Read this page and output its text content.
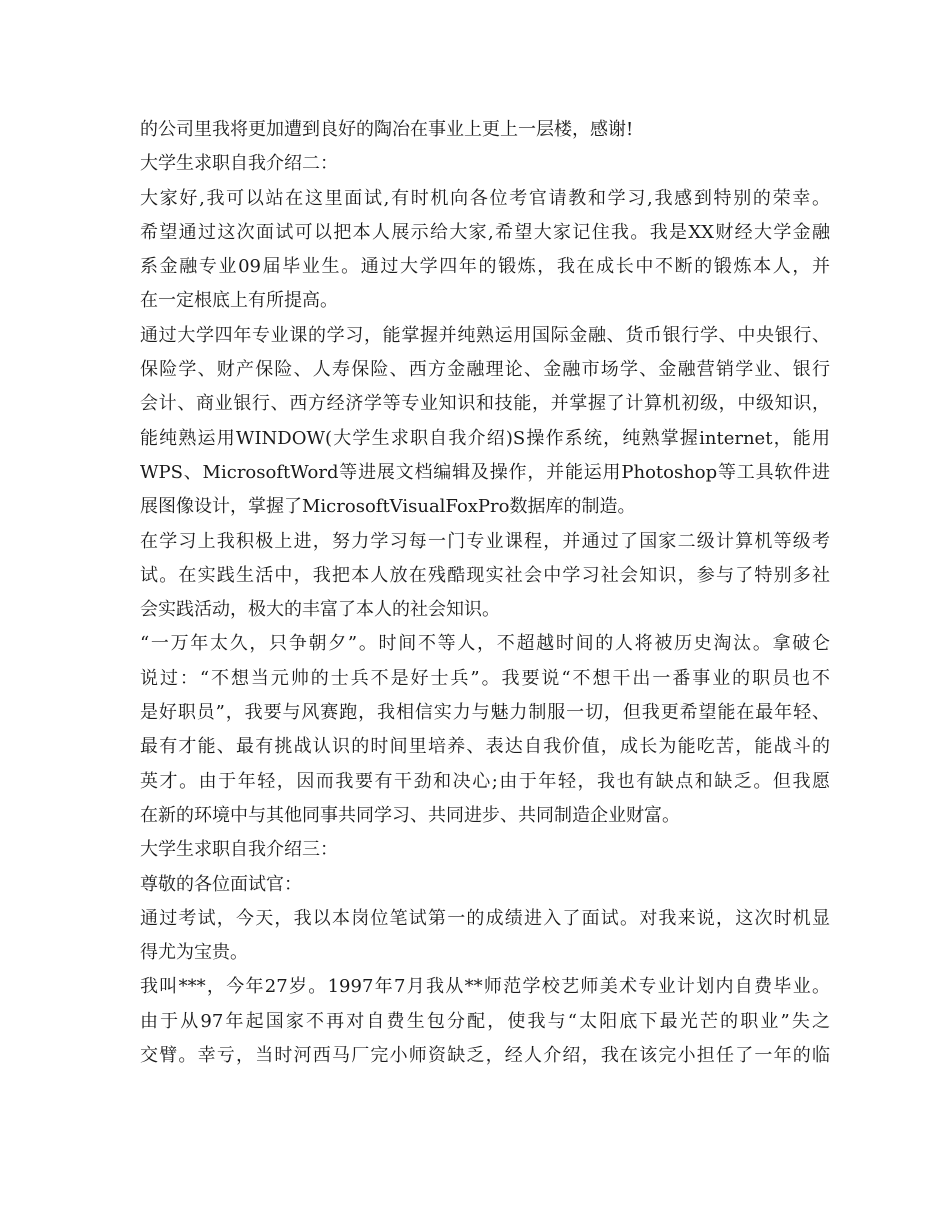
的公司里我将更加遭到良好的陶冶在事业上更上一层楼，感谢!
大学生求职自我介绍二：
大家好,我可以站在这里面试,有时机向各位考官请教和学习,我感到特别的荣幸。
希望通过这次面试可以把本人展示给大家,希望大家记住我。我是XX财经大学金融
系金融专业09届毕业生。通过大学四年的锻炼，我在成长中不断的锻炼本人，并
在一定根底上有所提高。
通过大学四年专业课的学习，能掌握并纯熟运用国际金融、货币银行学、中央银行、
保险学、财产保险、人寿保险、西方金融理论、金融市场学、金融营销学业、银行
会计、商业银行、西方经济学等专业知识和技能，并掌握了计算机初级，中级知识，
能纯熟运用WINDOW(大学生求职自我介绍)S操作系统，纯熟掌握internet，能用
WPS、MicrosoftWord等进展文档编辑及操作，并能运用Photoshop等工具软件进
展图像设计，掌握了MicrosoftVisualFoxPro数据库的制造。
在学习上我积极上进，努力学习每一门专业课程，并通过了国家二级计算机等级考
试。在实践生活中，我把本人放在残酷现实社会中学习社会知识，参与了特别多社
会实践活动，极大的丰富了本人的社会知识。
“一万年太久，只争朝夕”。时间不等人，不超越时间的人将被历史淘汰。拿破仑
说过：“不想当元帅的士兵不是好士兵”。我要说“不想干出一番事业的职员也不
是好职员”，我要与风赛跑，我相信实力与魅力制服一切，但我更希望能在最年轻、
最有才能、最有挑战认识的时间里培养、表达自我价值，成长为能吃苦，能战斗的
英才。由于年轻，因而我要有干劲和决心;由于年轻，我也有缺点和缺乏。但我愿
在新的环境中与其他同事共同学习、共同进步、共同制造企业财富。
大学生求职自我介绍三：
尊敬的各位面试官：
通过考试，今天，我以本岗位笔试第一的成绩进入了面试。对我来说，这次时机显
得尤为宝贵。
我叫***，今年27岁。1997年7月我从**师范学校艺师美术专业计划内自费毕业。
由于从97年起国家不再对自费生包分配，使我与“太阳底下最光芒的职业”失之
交臂。幸亏，当时河西马厂完小师资缺乏，经人介绍，我在该完小担任了一年的临
